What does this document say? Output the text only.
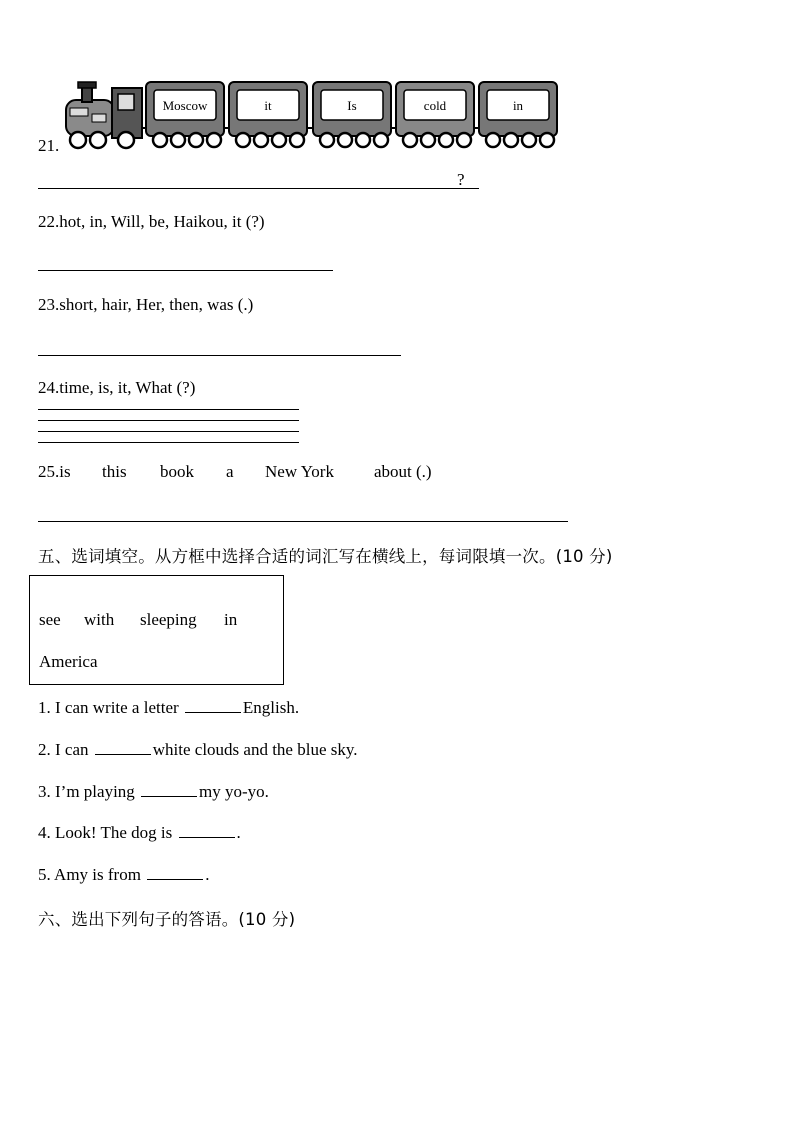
21.
Moscow	it	Is	cold	in
?
22.hot, in, Will, be, Haikou, it (?)
23.short, hair, Her, then, was (.)
24.time, is, it, What (?)
25.is this book a New York about (.)
五、选词填空。从方框中选择合适的词汇写在横线上，每词限填一次。(10 分)
see with sleeping in
America
1. I can write a letter	English.
2. I can	white clouds and the blue sky.
3. I’m playing	my yo-yo.
4. Look! The dog is	.
5. Amy is from	.
六、选出下列句子的答语。(10 分)
